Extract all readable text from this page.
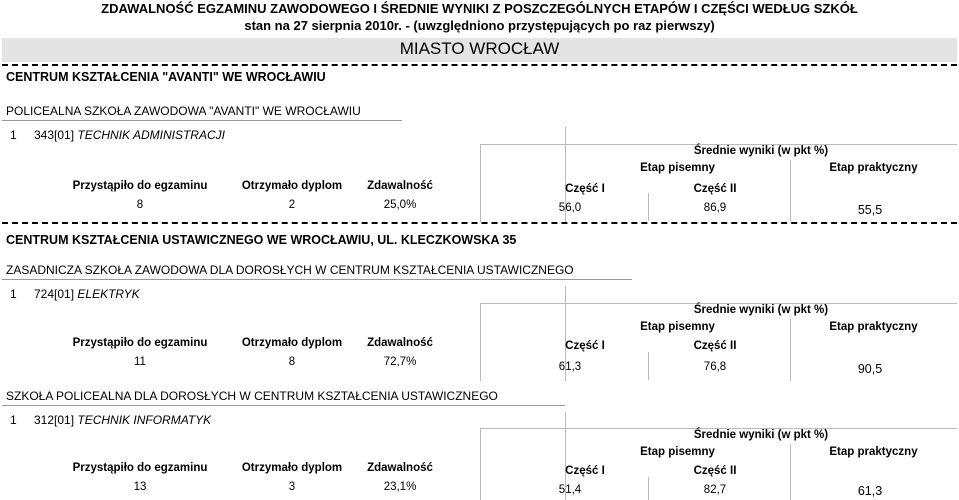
ZDAWALNOŚĆ EGZAMINU ZAWODOWEGO I ŚREDNIE WYNIKI Z POSZCZEGÓLNYCH ETAPÓW I CZĘŚCI WEDŁUG SZKÓŁ
stan na 27 sierpnia 2010r. - (uwzględniono przystępujących po raz pierwszy)
MIASTO WROCŁAW
CENTRUM KSZTAŁCENIA "AVANTI" WE WROCŁAWIU
POLICEALNA SZKOŁA ZAWODOWA "AVANTI" WE WROCŁAWIU
1 343[01] TECHNIK ADMINISTRACJI
Średnie wyniki (w pkt %)
Etap pisemny	Etap praktyczny
Przystąpiło do egzaminu	Otrzymało dyplom	Zdawalność	Część I	Część II
8	2	25,0%	56,0	86,9	55,5
CENTRUM KSZTAŁCENIA USTAWICZNEGO WE WROCŁAWIU, UL. KLECZKOWSKA 35
ZASADNICZA SZKOŁA ZAWODOWA DLA DOROSŁYCH W CENTRUM KSZTAŁCENIA USTAWICZNEGO
1 724[01] ELEKTRYK
Średnie wyniki (w pkt %)
Etap pisemny	Etap praktyczny
Przystąpiło do egzaminu	Otrzymało dyplom	Zdawalność	Część I	Część II
11	8	72,7%	61,3	76,8	90,5
SZKOŁA POLICEALNA DLA DOROSŁYCH W CENTRUM KSZTAŁCENIA USTAWICZNEGO
1 312[01] TECHNIK INFORMATYK
Średnie wyniki (w pkt %)
Etap pisemny	Etap praktyczny
Przystąpiło do egzaminu	Otrzymało dyplom	Zdawalność	Część I	Część II
13	3	23,1%	51,4	82,7	61,3
